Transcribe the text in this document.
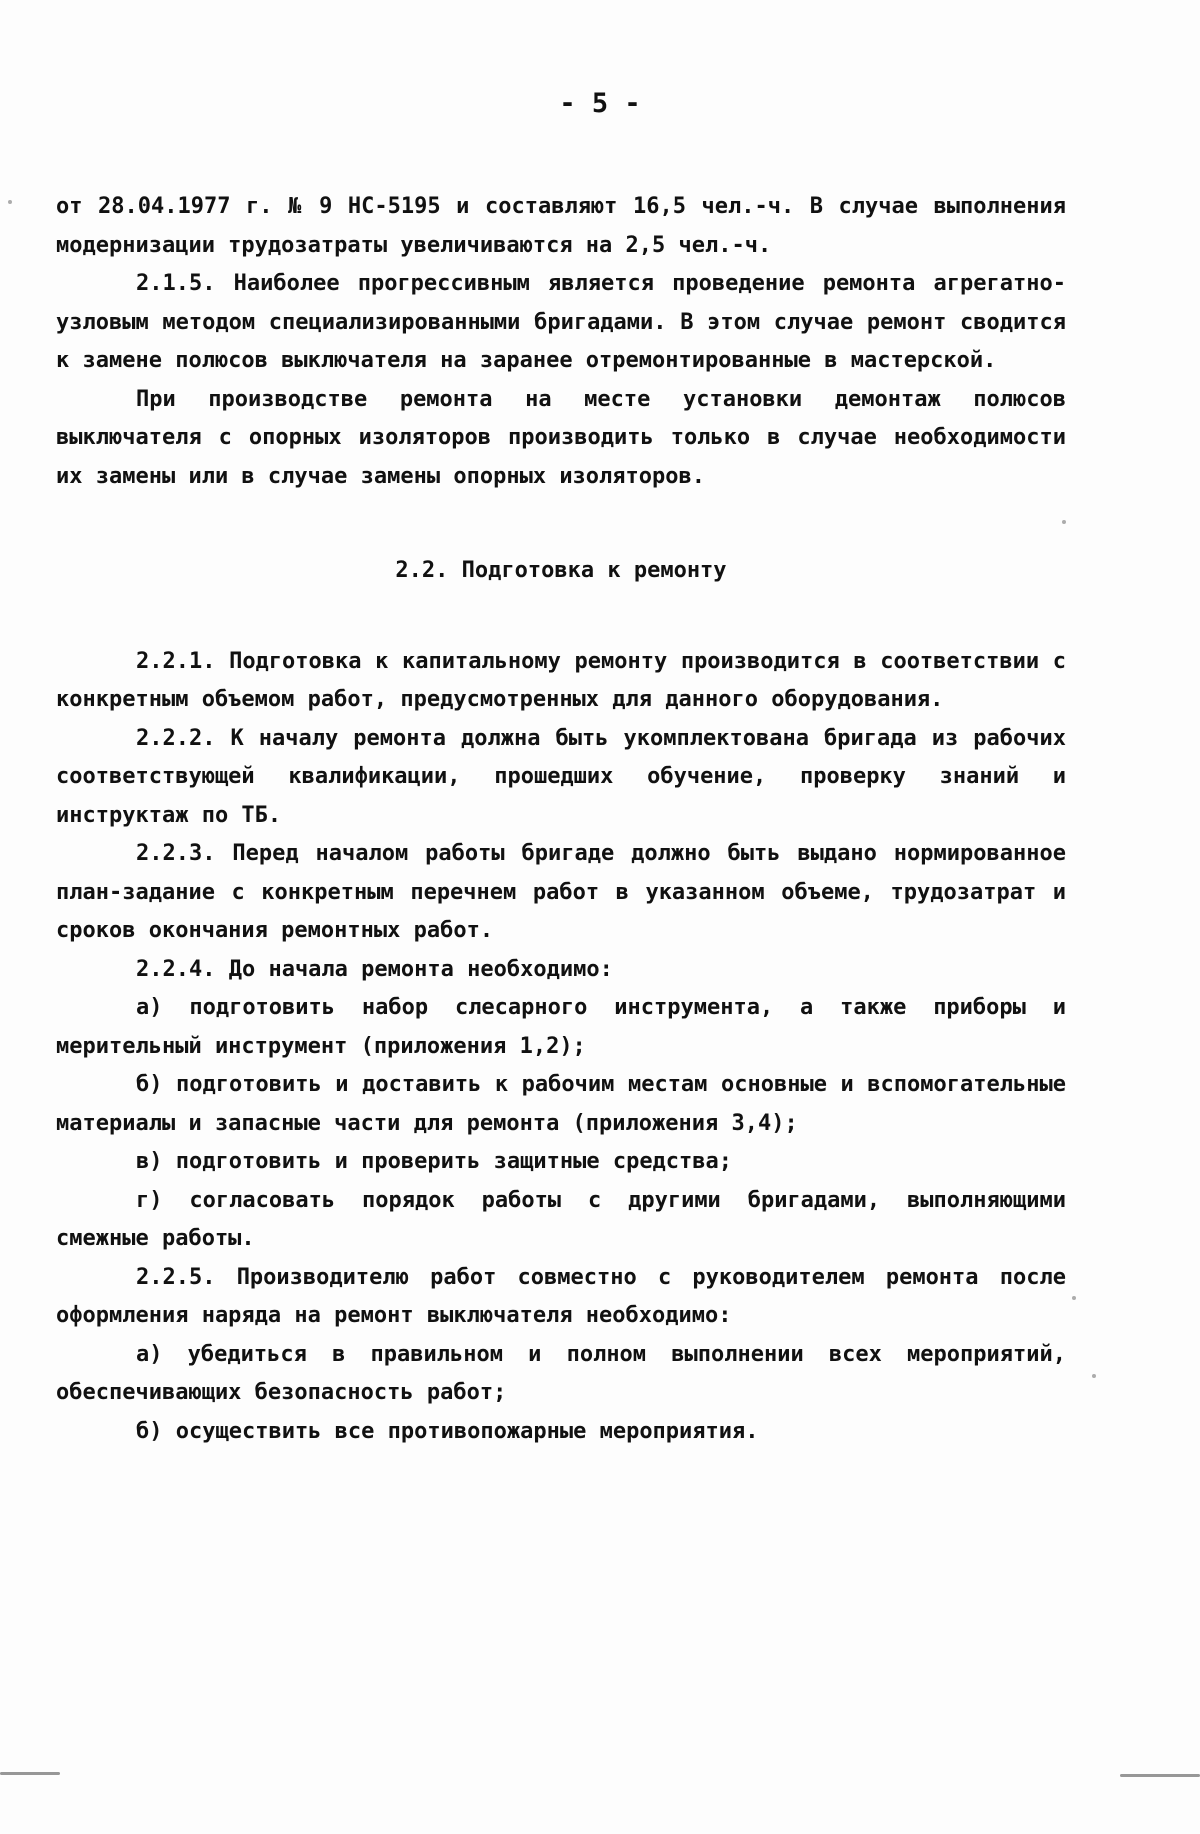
- 5 -

от 28.04.1977 г. № 9 НС-5195 и составляют 16,5 чел.-ч. В случае выполнения модернизации трудозатраты увеличиваются на 2,5 чел.-ч.

2.1.5. Наиболее прогрессивным является проведение ремонта агрегатно-узловым методом специализированными бригадами. В этом случае ремонт сводится к замене полюсов выключателя на заранее отремонтированные в мастерской.

При производстве ремонта на месте установки демонтаж полюсов выключателя с опорных изоляторов производить только в случае необходимости их замены или в случае замены опорных изоляторов.

2.2. Подготовка к ремонту

2.2.1. Подготовка к капитальному ремонту производится в соответствии с конкретным объемом работ, предусмотренных для данного оборудования.

2.2.2. К началу ремонта должна быть укомплектована бригада из рабочих соответствующей квалификации, прошедших обучение, проверку знаний и инструктаж по ТБ.

2.2.3. Перед началом работы бригаде должно быть выдано нормированное план-задание с конкретным перечнем работ в указанном объеме, трудозатрат и сроков окончания ремонтных работ.

2.2.4. До начала ремонта необходимо:

а) подготовить набор слесарного инструмента, а также приборы и мерительный инструмент (приложения 1,2);

б) подготовить и доставить к рабочим местам основные и вспомогательные материалы и запасные части для ремонта (приложения 3,4);

в) подготовить и проверить защитные средства;

г) согласовать порядок работы с другими бригадами, выполняющими смежные работы.

2.2.5. Производителю работ совместно с руководителем ремонта после оформления наряда на ремонт выключателя необходимо:

а) убедиться в правильном и полном выполнении всех мероприятий, обеспечивающих безопасность работ;

б) осуществить все противопожарные мероприятия.
